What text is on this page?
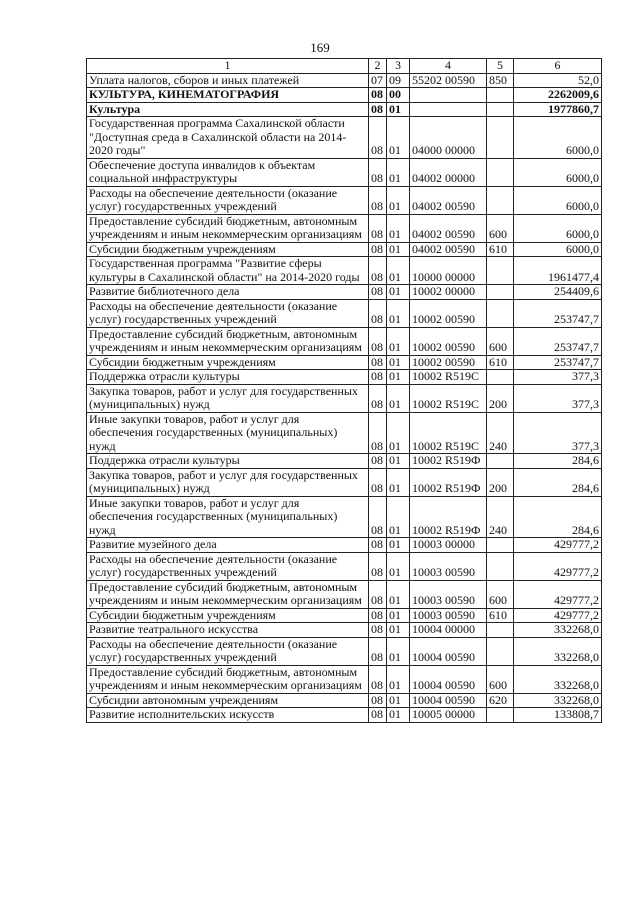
169
1	2	3	4	5	6
Уплата налогов, сборов и иных платежей	07	09	55202 00590	850	52,0
КУЛЬТУРА, КИНЕМАТОГРАФИЯ	08	00			2262009,6
Культура	08	01			1977860,7
Государственная программа Сахалинской области "Доступная среда в Сахалинской области на 2014-2020 годы"	08	01	04000 00000		6000,0
Обеспечение доступа инвалидов к объектам социальной инфраструктуры	08	01	04002 00000		6000,0
Расходы на обеспечение деятельности (оказание услуг) государственных учреждений	08	01	04002 00590		6000,0
Предоставление субсидий бюджетным, автономным учреждениям и иным некоммерческим организациям	08	01	04002 00590	600	6000,0
Субсидии бюджетным учреждениям	08	01	04002 00590	610	6000,0
Государственная программа "Развитие сферы культуры в Сахалинской области" на 2014-2020 годы	08	01	10000 00000		1961477,4
Развитие библиотечного дела	08	01	10002 00000		254409,6
Расходы на обеспечение деятельности (оказание услуг) государственных учреждений	08	01	10002 00590		253747,7
Предоставление субсидий бюджетным, автономным учреждениям и иным некоммерческим организациям	08	01	10002 00590	600	253747,7
Субсидии бюджетным учреждениям	08	01	10002 00590	610	253747,7
Поддержка отрасли культуры	08	01	10002 R519C		377,3
Закупка товаров, работ и услуг для государственных (муниципальных) нужд	08	01	10002 R519C	200	377,3
Иные закупки товаров, работ и услуг для обеспечения государственных (муниципальных) нужд	08	01	10002 R519C	240	377,3
Поддержка отрасли культуры	08	01	10002 R519Ф		284,6
Закупка товаров, работ и услуг для государственных (муниципальных) нужд	08	01	10002 R519Ф	200	284,6
Иные закупки товаров, работ и услуг для обеспечения государственных (муниципальных) нужд	08	01	10002 R519Ф	240	284,6
Развитие музейного дела	08	01	10003 00000		429777,2
Расходы на обеспечение деятельности (оказание услуг) государственных учреждений	08	01	10003 00590		429777,2
Предоставление субсидий бюджетным, автономным учреждениям и иным некоммерческим организациям	08	01	10003 00590	600	429777,2
Субсидии бюджетным учреждениям	08	01	10003 00590	610	429777,2
Развитие театрального искусства	08	01	10004 00000		332268,0
Расходы на обеспечение деятельности (оказание услуг) государственных учреждений	08	01	10004 00590		332268,0
Предоставление субсидий бюджетным, автономным учреждениям и иным некоммерческим организациям	08	01	10004 00590	600	332268,0
Субсидии автономным учреждениям	08	01	10004 00590	620	332268,0
Развитие исполнительских искусств	08	01	10005 00000		133808,7
